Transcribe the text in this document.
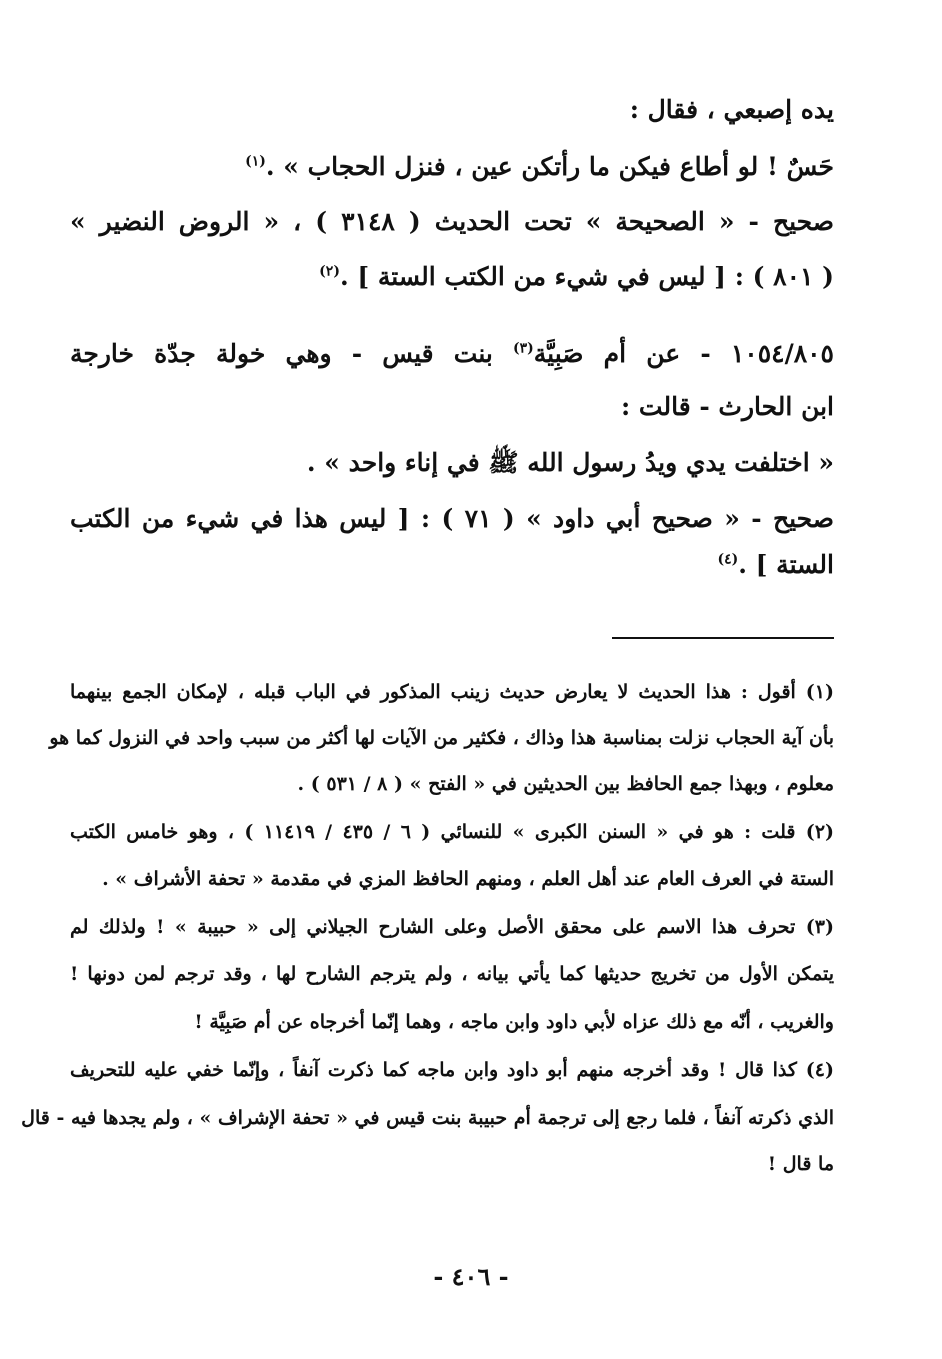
يده إصبعي ، فقال :
حَسٌ ! لو أطاع فيكن ما رأتكن عين ، فنزل الحجاب » .$^{(١)}$
صحيح - « الصحيحة » تحت الحديث ( ٣١٤٨ ) ، « الروض النضير »
( ٨٠١ ) : [ ليس في شيء من الكتب الستة ] .$^{(٢)}$
١٠٥٤/٨٠٥ - عن أم صَبِيَّة$^{(٣)}$ بنت قيس - وهي خولة جدّة خارجة
ابن الحارث - قالت :
« اختلفت يدي ويدُ رسول الله ﷺ في إناء واحد » .
صحيح - « صحيح أبي داود » ( ٧١ ) : [ ليس هذا في شيء من الكتب
الستة ] .$^{(٤)}$
(١) أقول : هذا الحديث لا يعارض حديث زينب المذكور في الباب قبله ، لإمكان الجمع بينهما
بأن آية الحجاب نزلت بمناسبة هذا وذاك ، فكثير من الآيات لها أكثر من سبب واحد في النزول كما هو
معلوم ، وبهذا جمع الحافظ بين الحديثين في « الفتح » ( ٨ / ٥٣١ ) .
(٢) قلت : هو في « السنن الكبرى » للنسائي ( ٦ / ٤٣٥ / ١١٤١٩ ) ، وهو خامس الكتب
الستة في العرف العام عند أهل العلم ، ومنهم الحافظ المزي في مقدمة « تحفة الأشراف » .
(٣) تحرف هذا الاسم على محقق الأصل وعلى الشارح الجيلاني إلى « حبيبة » ! ولذلك لم
يتمكن الأول من تخريج حديثها كما يأتي بيانه ، ولم يترجم الشارح لها ، وقد ترجم لمن دونها !
والغريب ، أنّه مع ذلك عزاه لأبي داود وابن ماجه ، وهما إنّما أخرجاه عن أم صَبِيَّة !
(٤) كذا قال ! وقد أخرجه منهم أبو داود وابن ماجه كما ذكرت آنفاً ، وإنّما خفي عليه للتحريف
الذي ذكرته آنفاً ، فلما رجع إلى ترجمة أم حبيبة بنت قيس في « تحفة الإشراف » ، ولم يجدها فيه - قال
ما قال !
- ٤٠٦ -
